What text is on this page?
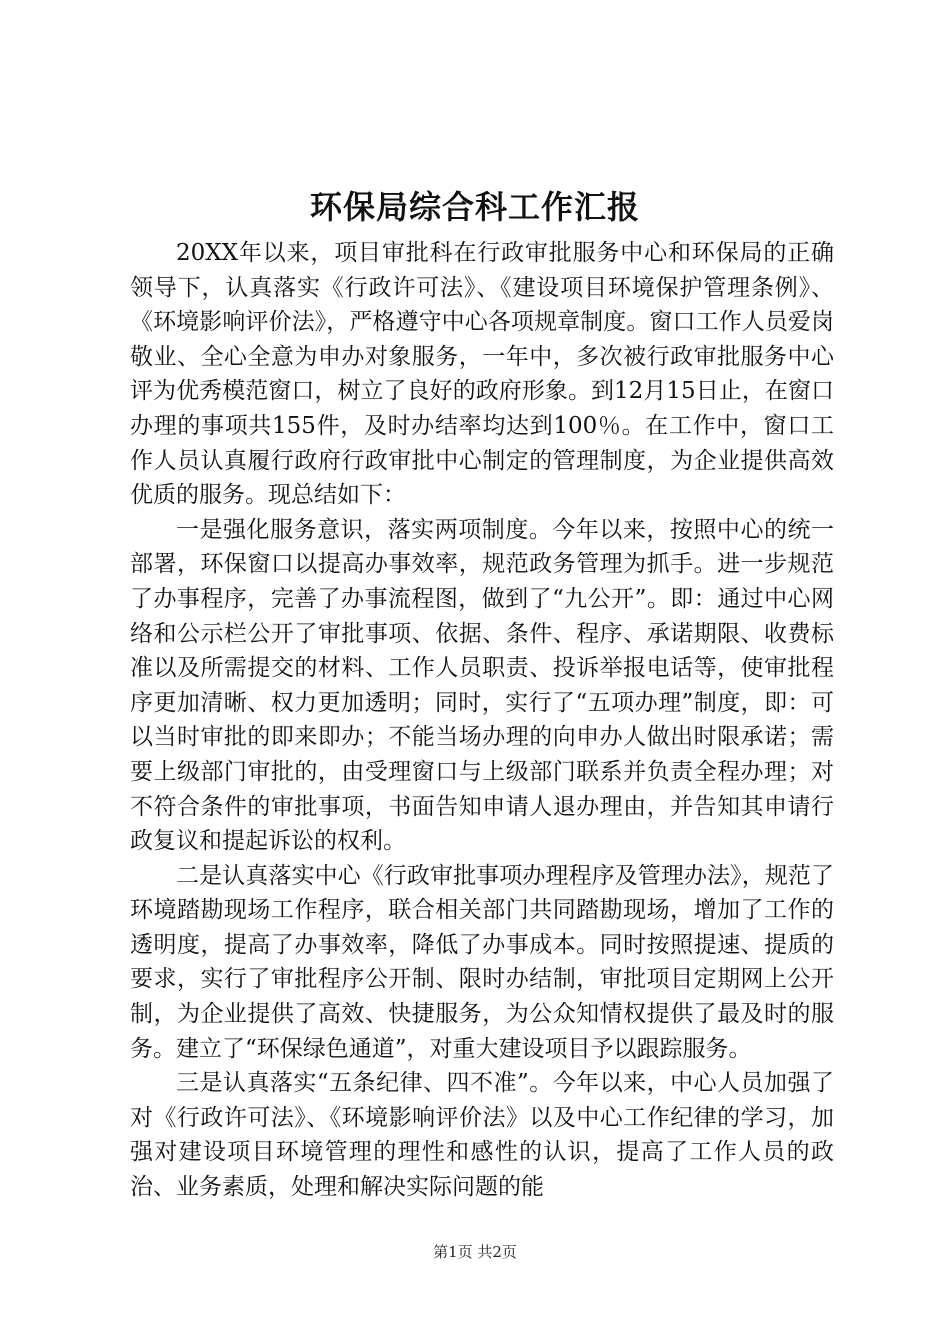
环保局综合科工作汇报

20XX年以来，项目审批科在行政审批服务中心和环保局的正确领导下，认真落实《行政许可法》、《建设项目环境保护管理条例》、《环境影响评价法》，严格遵守中心各项规章制度。窗口工作人员爱岗敬业、全心全意为申办对象服务，一年中，多次被行政审批服务中心评为优秀模范窗口，树立了良好的政府形象。到12月15日止，在窗口办理的事项共155件，及时办结率均达到100％。在工作中，窗口工作人员认真履行政府行政审批中心制定的管理制度，为企业提供高效优质的服务。现总结如下：

一是强化服务意识，落实两项制度。今年以来，按照中心的统一部署，环保窗口以提高办事效率，规范政务管理为抓手。进一步规范了办事程序，完善了办事流程图，做到了“九公开”。即：通过中心网络和公示栏公开了审批事项、依据、条件、程序、承诺期限、收费标准以及所需提交的材料、工作人员职责、投诉举报电话等，使审批程序更加清晰、权力更加透明；同时，实行了“五项办理”制度，即：可以当时审批的即来即办；不能当场办理的向申办人做出时限承诺；需要上级部门审批的，由受理窗口与上级部门联系并负责全程办理；对不符合条件的审批事项，书面告知申请人退办理由，并告知其申请行政复议和提起诉讼的权利。

二是认真落实中心《行政审批事项办理程序及管理办法》，规范了环境踏勘现场工作程序，联合相关部门共同踏勘现场，增加了工作的透明度，提高了办事效率，降低了办事成本。同时按照提速、提质的要求，实行了审批程序公开制、限时办结制，审批项目定期网上公开制，为企业提供了高效、快捷服务，为公众知情权提供了最及时的服务。建立了“环保绿色通道”，对重大建设项目予以跟踪服务。

三是认真落实“五条纪律、四不准”。今年以来，中心人员加强了对《行政许可法》、《环境影响评价法》以及中心工作纪律的学习，加强对建设项目环境管理的理性和感性的认识，提高了工作人员的政治、业务素质，处理和解决实际问题的能

第1页 共2页
